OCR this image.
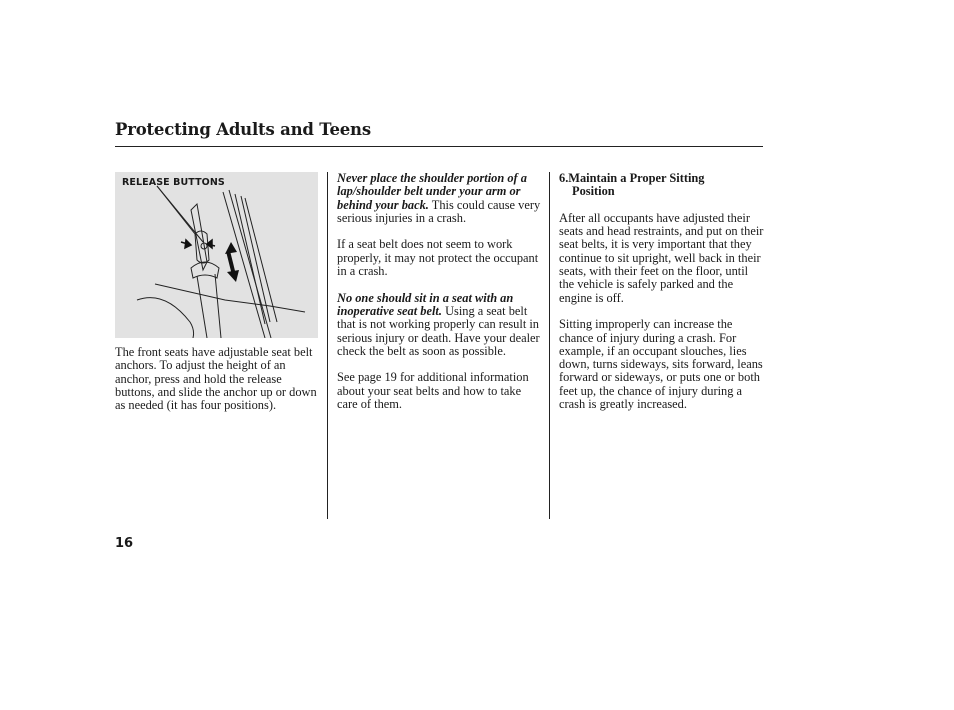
Protecting Adults and Teens
RELEASE BUTTONS

The front seats have adjustable seat belt anchors. To adjust the height of an anchor, press and hold the release buttons, and slide the anchor up or down as needed (it has four positions).

Never place the shoulder portion of a lap/shoulder belt under your arm or behind your back. This could cause very serious injuries in a crash.

If a seat belt does not seem to work properly, it may not protect the occupant in a crash.

No one should sit in a seat with an inoperative seat belt. Using a seat belt that is not working properly can result in serious injury or death. Have your dealer check the belt as soon as possible.

See page 19 for additional information about your seat belts and how to take care of them.

6.Maintain a Proper Sitting
Position

After all occupants have adjusted their seats and head restraints, and put on their seat belts, it is very important that they continue to sit upright, well back in their seats, with their feet on the floor, until the vehicle is safely parked and the engine is off.

Sitting improperly can increase the chance of injury during a crash. For example, if an occupant slouches, lies down, turns sideways, sits forward, leans forward or sideways, or puts one or both feet up, the chance of injury during a crash is greatly increased.

16
